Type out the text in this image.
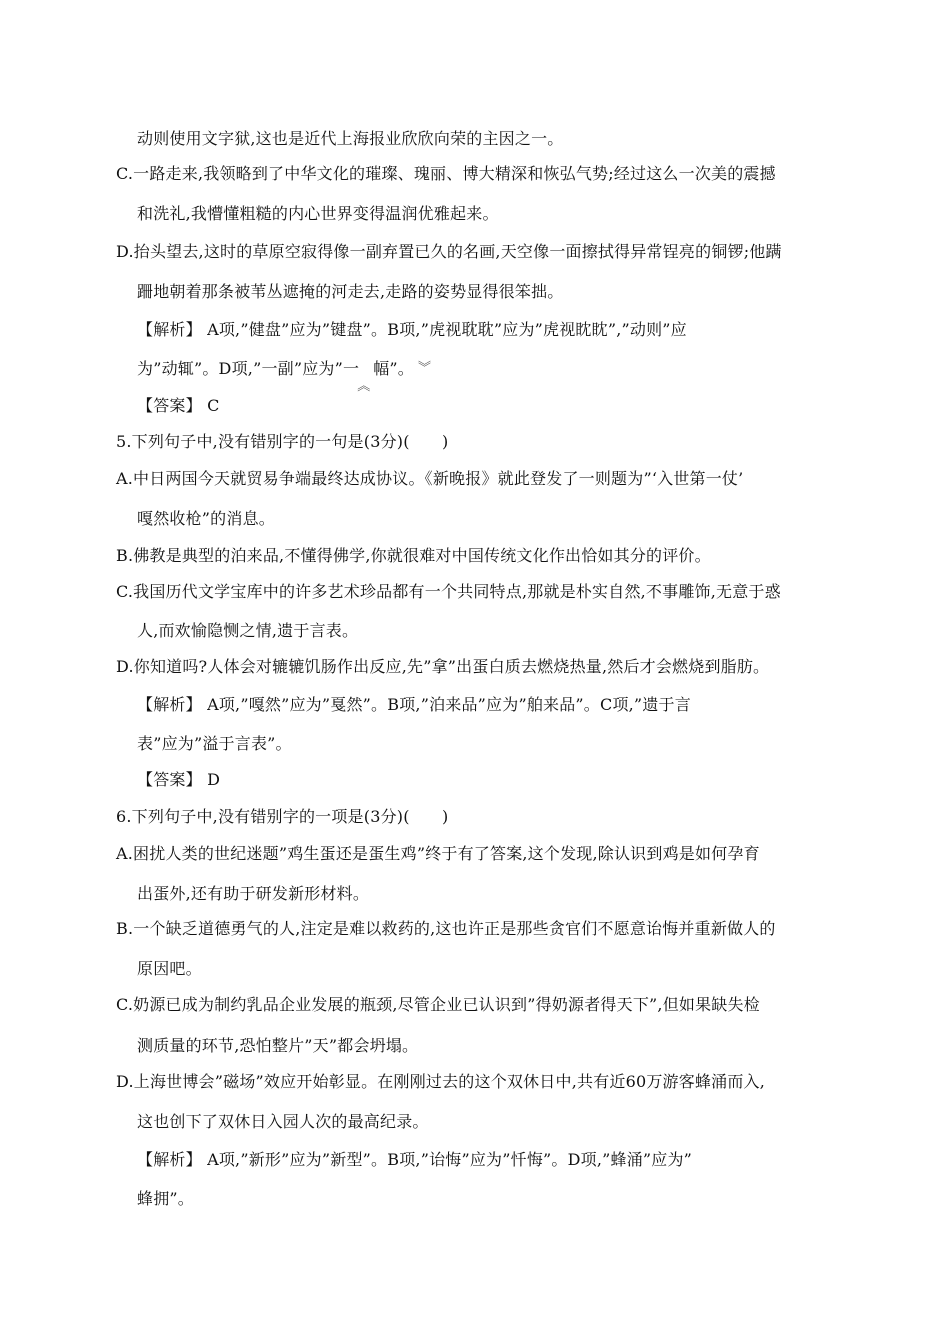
动则使用文字狱,这也是近代上海报业欣欣向荣的主因之一。
C.一路走来,我领略到了中华文化的璀璨、瑰丽、博大精深和恢弘气势;经过这么一次美的震撼
和洗礼,我懵懂粗糙的内心世界变得温润优雅起来。
D.抬头望去,这时的草原空寂得像一副弃置已久的名画,天空像一面擦拭得异常锃亮的铜锣;他蹒
跚地朝着那条被苇丛遮掩的河走去,走路的姿势显得很笨拙。
【解析】 A项,”健盘”应为”键盘”。B项,”虎视耽耽”应为”虎视眈眈”,”动则”应
为”动辄”。D项,”一副”应为”一
︽
幅”。 ︾
【答案】 C
5.下列句子中,没有错别字的一句是(3分)(　　)
A.中日两国今天就贸易争端最终达成协议。《新晚报》就此登发了一则题为”‘入世第一仗’
嘎然收枪”的消息。
B.佛教是典型的泊来品,不懂得佛学,你就很难对中国传统文化作出恰如其分的评价。
C.我国历代文学宝库中的许多艺术珍品都有一个共同特点,那就是朴实自然,不事雕饰,无意于惑
人,而欢愉隐恻之情,遗于言表。
D.你知道吗?人体会对辘辘饥肠作出反应,先”拿”出蛋白质去燃烧热量,然后才会燃烧到脂肪。
【解析】 A项,”嘎然”应为”戛然”。B项,”泊来品”应为”舶来品”。C项,”遗于言
表”应为”溢于言表”。
【答案】 D
6.下列句子中,没有错别字的一项是(3分)(　　)
A.困扰人类的世纪迷题”鸡生蛋还是蛋生鸡”终于有了答案,这个发现,除认识到鸡是如何孕育
出蛋外,还有助于研发新形材料。
B.一个缺乏道德勇气的人,注定是难以救药的,这也许正是那些贪官们不愿意诒悔并重新做人的
原因吧。
C.奶源已成为制约乳品企业发展的瓶颈,尽管企业已认识到”得奶源者得天下”,但如果缺失检
测质量的环节,恐怕整片”天”都会坍塌。
D.上海世博会”磁场”效应开始彰显。在刚刚过去的这个双休日中,共有近60万游客蜂涌而入,
这也创下了双休日入园人次的最高纪录。
【解析】 A项,”新形”应为”新型”。B项,”诒悔”应为”忏悔”。D项,”蜂涌”应为”
蜂拥”。
